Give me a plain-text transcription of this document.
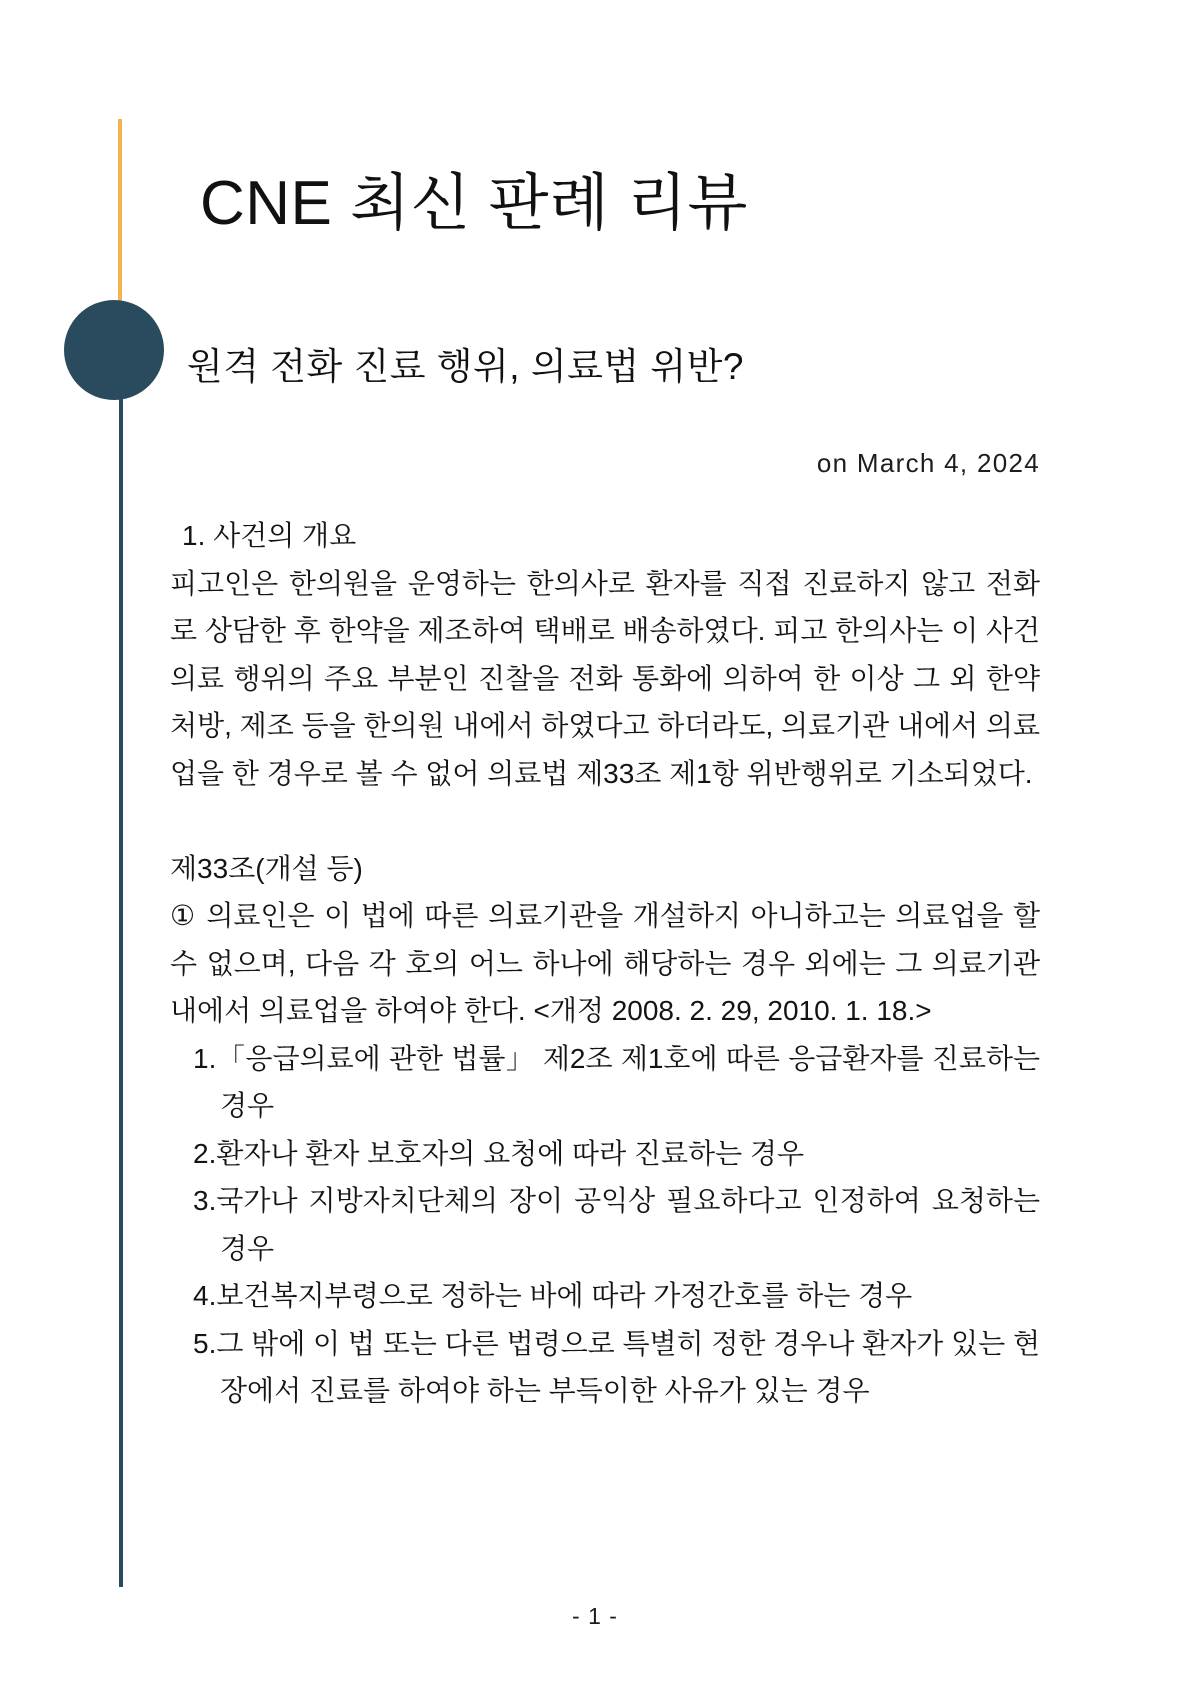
CNE 최신 판례 리뷰
원격 전화 진료 행위, 의료법 위반?
on March 4, 2024
1. 사건의 개요

피고인은 한의원을 운영하는 한의사로 환자를 직접 진료하지 않고 전화로 상담한 후 한약을 제조하여 택배로 배송하였다. 피고 한의사는 이 사건 의료 행위의 주요 부분인 진찰을 전화 통화에 의하여 한 이상 그 외 한약 처방, 제조 등을 한의원 내에서 하였다고 하더라도, 의료기관 내에서 의료업을 한 경우로 볼 수 없어 의료법 제33조 제1항 위반행위로 기소되었다.

제33조(개설 등)

① 의료인은 이 법에 따른 의료기관을 개설하지 아니하고는 의료업을 할 수 없으며, 다음 각 호의 어느 하나에 해당하는 경우 외에는 그 의료기관 내에서 의료업을 하여야 한다. <개정 2008. 2. 29, 2010. 1. 18.>

1.「응급의료에 관한 법률」 제2조 제1호에 따른 응급환자를 진료하는 경우
2.환자나 환자 보호자의 요청에 따라 진료하는 경우
3.국가나 지방자치단체의 장이 공익상 필요하다고 인정하여 요청하는 경우
4.보건복지부령으로 정하는 바에 따라 가정간호를 하는 경우
5.그 밖에 이 법 또는 다른 법령으로 특별히 정한 경우나 환자가 있는 현장에서 진료를 하여야 하는 부득이한 사유가 있는 경우
- 1 -
